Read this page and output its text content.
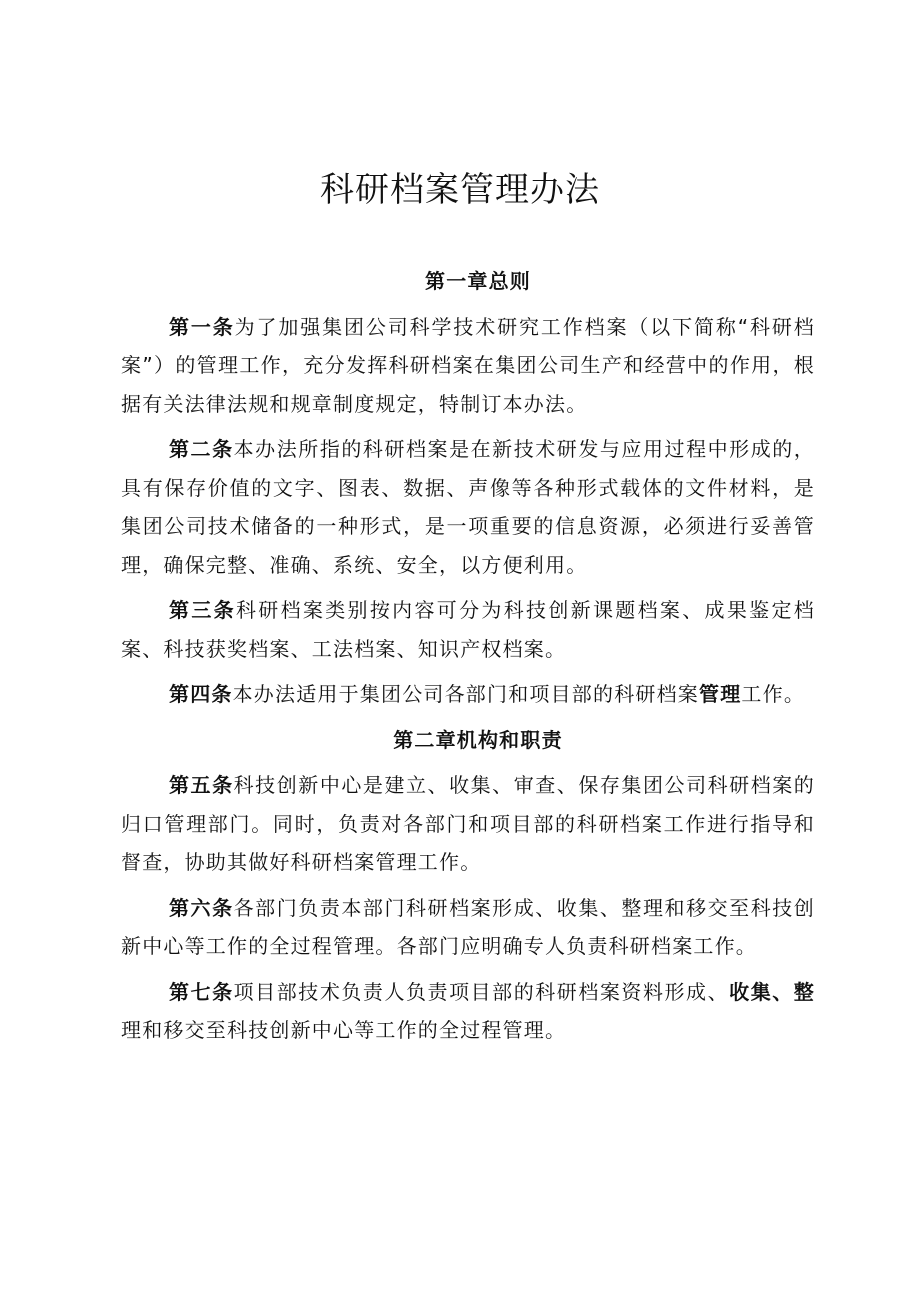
科研档案管理办法

第一章总则

第一条为了加强集团公司科学技术研究工作档案（以下简称“科研档案”）的管理工作，充分发挥科研档案在集团公司生产和经营中的作用，根据有关法律法规和规章制度规定，特制订本办法。

第二条本办法所指的科研档案是在新技术研发与应用过程中形成的，具有保存价值的文字、图表、数据、声像等各种形式载体的文件材料，是集团公司技术储备的一种形式，是一项重要的信息资源，必须进行妥善管理，确保完整、准确、系统、安全，以方便利用。

第三条科研档案类别按内容可分为科技创新课题档案、成果鉴定档案、科技获奖档案、工法档案、知识产权档案。

第四条本办法适用于集团公司各部门和项目部的科研档案管理工作。

第二章机构和职责

第五条科技创新中心是建立、收集、审查、保存集团公司科研档案的归口管理部门。同时，负责对各部门和项目部的科研档案工作进行指导和督查，协助其做好科研档案管理工作。

第六条各部门负责本部门科研档案形成、收集、整理和移交至科技创新中心等工作的全过程管理。各部门应明确专人负责科研档案工作。

第七条项目部技术负责人负责项目部的科研档案资料形成、收集、整理和移交至科技创新中心等工作的全过程管理。
